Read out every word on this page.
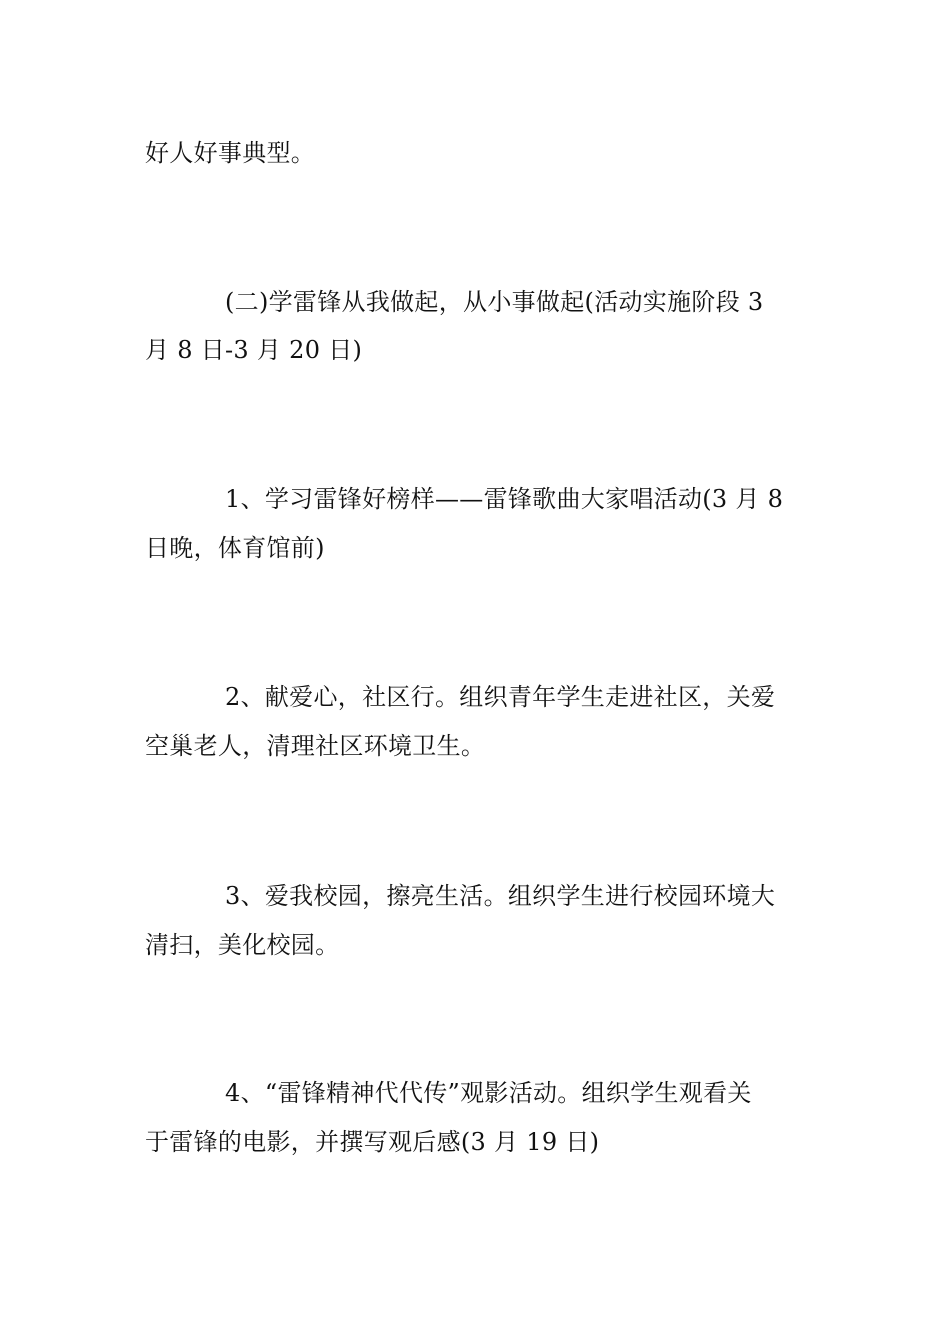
好人好事典型。
(二)学雷锋从我做起，从小事做起(活动实施阶段 3
月 8 日-3 月 20 日)
1、学习雷锋好榜样——雷锋歌曲大家唱活动(3 月 8
日晚，体育馆前)
2、献爱心，社区行。组织青年学生走进社区，关爱
空巢老人，清理社区环境卫生。
3、爱我校园，擦亮生活。组织学生进行校园环境大
清扫，美化校园。
4、“雷锋精神代代传”观影活动。组织学生观看关
于雷锋的电影，并撰写观后感(3 月 19 日)
